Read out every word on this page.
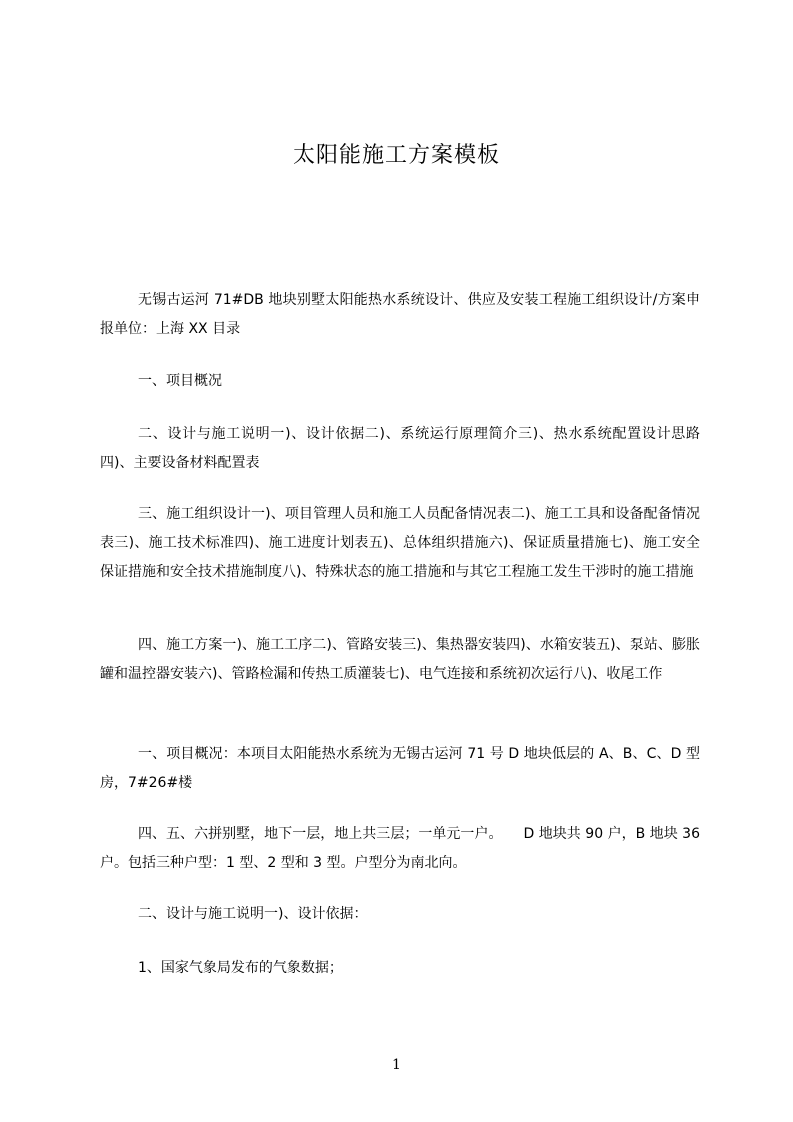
太阳能施工方案模板

无锡古运河 71#DB 地块别墅太阳能热水系统设计、供应及安装工程施工组织设计/方案申报单位：上海 XX 目录

一、项目概况

二、设计与施工说明一)、设计依据二)、系统运行原理简介三)、热水系统配置设计思路四)、主要设备材料配置表

三、施工组织设计一)、项目管理人员和施工人员配备情况表二)、施工工具和设备配备情况表三)、施工技术标准四)、施工进度计划表五)、总体组织措施六)、保证质量措施七)、施工安全保证措施和安全技术措施制度八)、特殊状态的施工措施和与其它工程施工发生干涉时的施工措施

四、施工方案一)、施工工序二)、管路安装三)、集热器安装四)、水箱安装五)、泵站、膨胀罐和温控器安装六)、管路检漏和传热工质灌装七)、电气连接和系统初次运行八)、收尾工作

一、项目概况：本项目太阳能热水系统为无锡古运河 71 号 D 地块低层的 A、B、C、D 型房，7#26#楼

四、五、六拼别墅，地下一层，地上共三层；一单元一户。　　D 地块共 90 户，B 地块 36 户。包括三种户型：1 型、2 型和 3 型。户型分为南北向。

二、设计与施工说明一)、设计依据：

1、国家气象局发布的气象数据；

1
